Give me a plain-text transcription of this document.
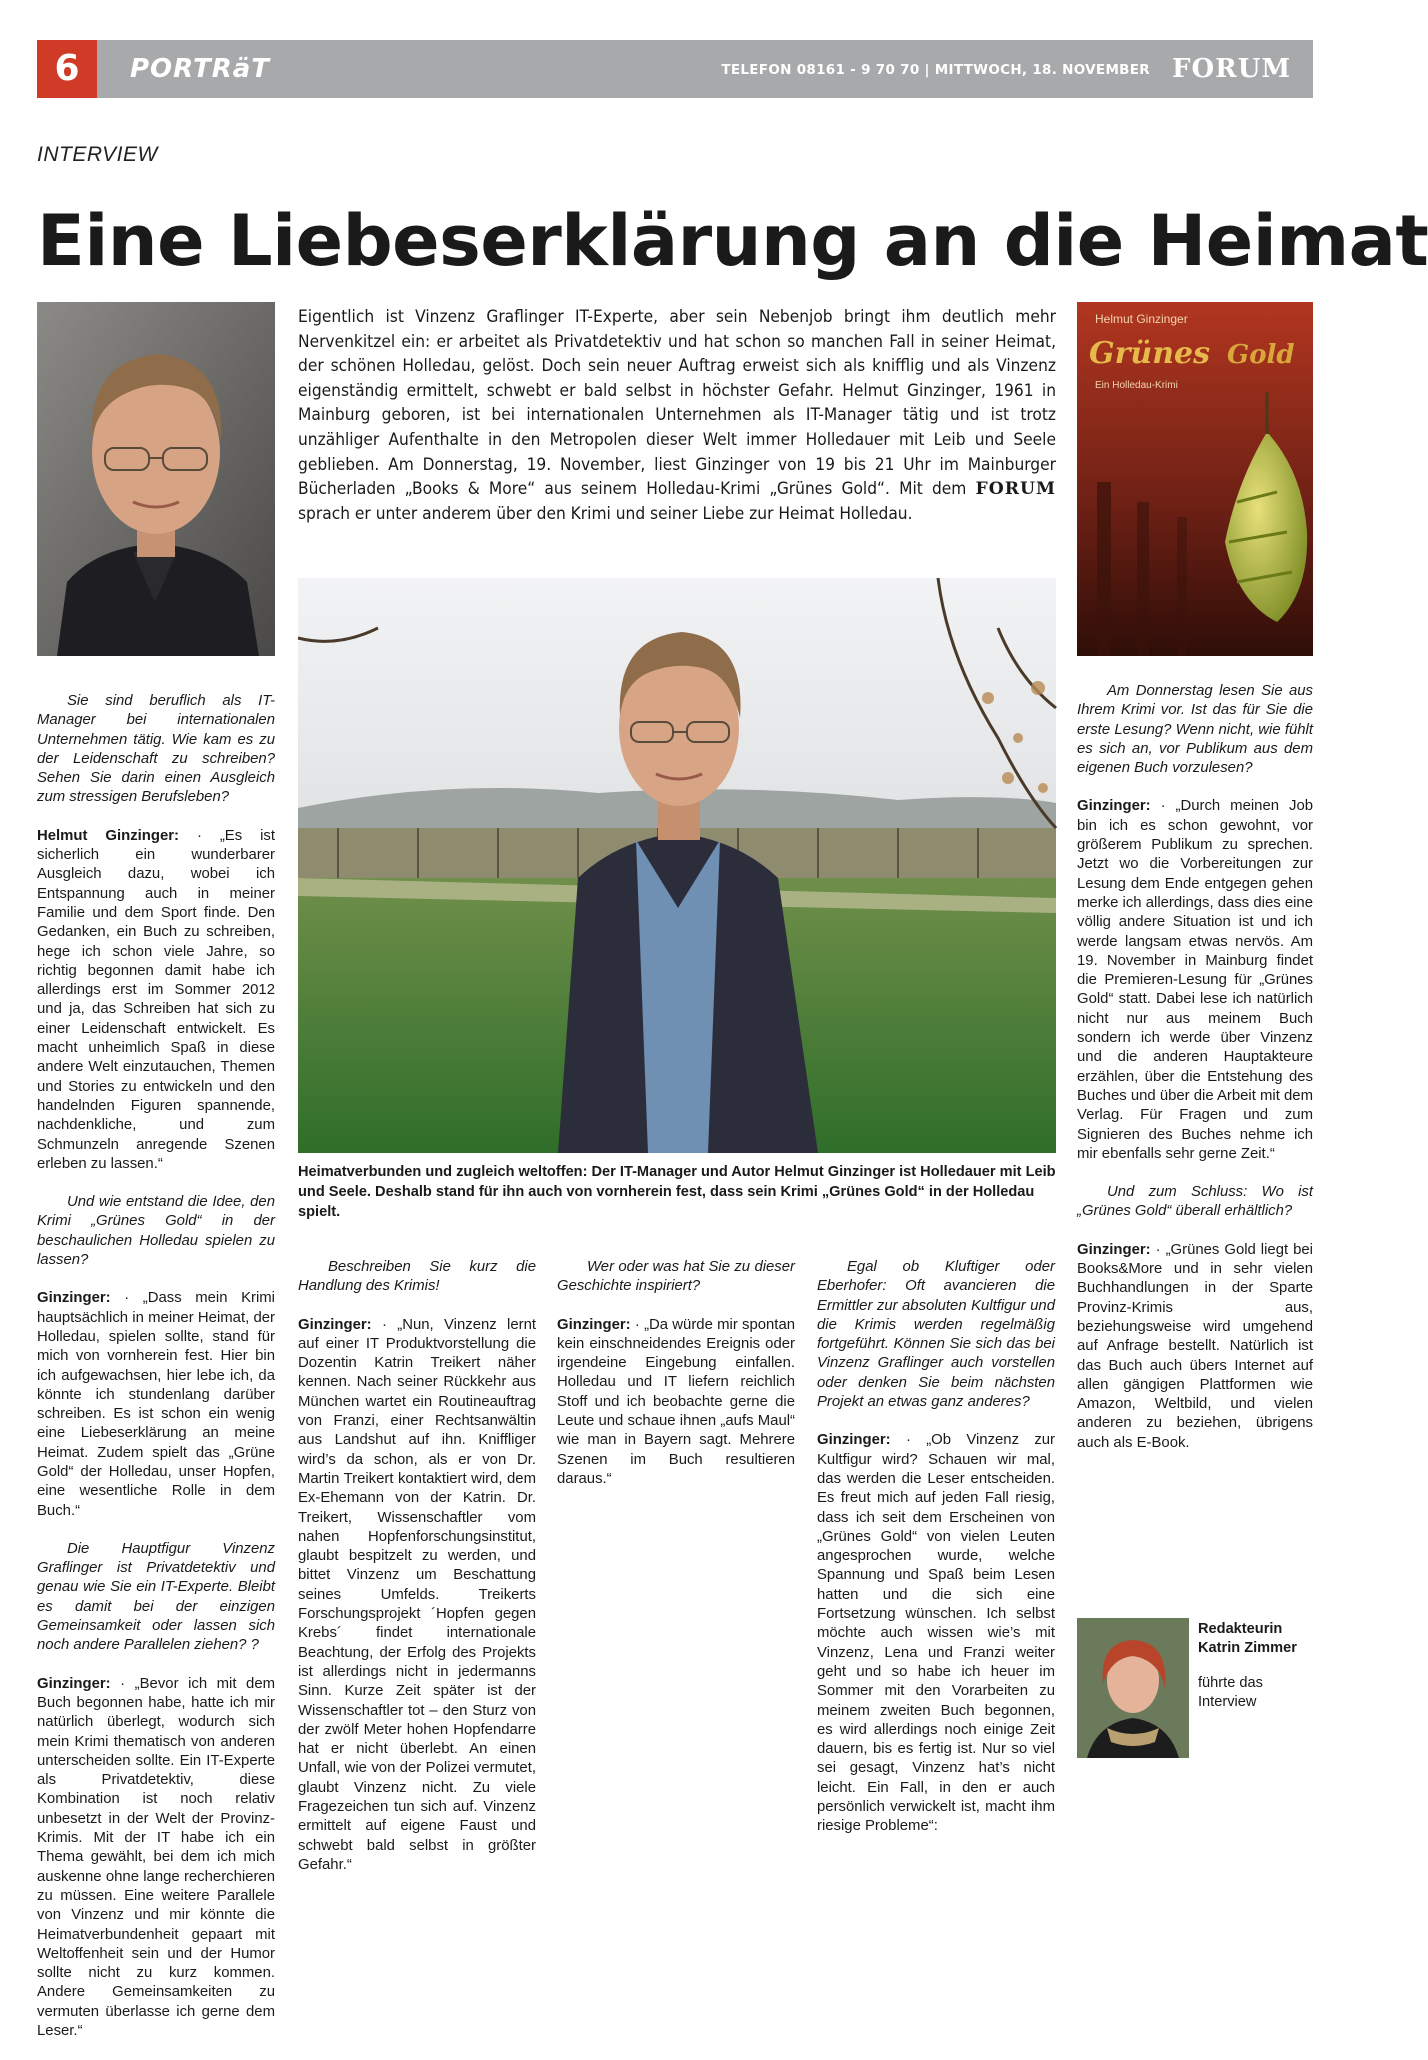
6	PORTRäT	TELEFON 08161 - 9 70 70 | MITTWOCH, 18. NOVEMBER 2015
FORUM
INTERVIEW
Eine Liebeserklärung an die Heimat
Helmut Ginzinger
Grünes Gold
Ein Holledau-Krimi
Eigentlich ist Vinzenz Graflinger IT-Experte, aber sein Nebenjob bringt ihm deutlich mehr Nervenkitzel ein: er arbeitet als Privatdetektiv und hat schon so manchen Fall in seiner Heimat, der schönen Holledau, gelöst. Doch sein neuer Auftrag erweist sich als knifflig und als Vinzenz eigenständig ermittelt, schwebt er bald selbst in höchster Gefahr. Helmut Ginzinger, 1961 in Mainburg geboren, ist bei internationalen Unternehmen als IT-Manager tätig und ist trotz unzähliger Aufenthalte in den Metropolen dieser Welt immer Holledauer mit Leib und Seele geblieben. Am Donnerstag, 19. November, liest Ginzinger von 19 bis 21 Uhr im Mainburger Bücherladen „Books & More“ aus seinem Holledau-Krimi „Grünes Gold“. Mit dem FORUM sprach er unter anderem über den Krimi und seiner Liebe zur Heimat Holledau.
Heimatverbunden und zugleich weltoffen: Der IT-Manager und Autor Helmut Ginzinger ist Holledauer mit Leib und Seele. Deshalb stand für ihn auch von vornherein fest, dass sein Krimi „Grünes Gold“ in der Holledau spielt.

Sie sind beruflich als IT-Manager bei internationalen Unternehmen tätig. Wie kam es zu der Leidenschaft zu schreiben? Sehen Sie darin einen Ausgleich zum stressigen Berufsleben?

Helmut Ginzinger: · „Es ist sicherlich ein wunderbarer Ausgleich dazu, wobei ich Entspannung auch in meiner Familie und dem Sport finde. Den Gedanken, ein Buch zu schreiben, hege ich schon viele Jahre, so richtig begonnen damit habe ich allerdings erst im Sommer 2012 und ja, das Schreiben hat sich zu einer Leidenschaft entwickelt. Es macht unheimlich Spaß in diese andere Welt einzutauchen, Themen und Stories zu entwickeln und den handelnden Figuren spannende, nachdenkliche, und zum Schmunzeln anregende Szenen erleben zu lassen.“

Und wie entstand die Idee, den Krimi „Grünes Gold“ in der beschaulichen Holledau spielen zu lassen?

Ginzinger: · „Dass mein Krimi hauptsächlich in meiner Heimat, der Holledau, spielen sollte, stand für mich von vornherein fest. Hier bin ich aufgewachsen, hier lebe ich, da könnte ich stundenlang darüber schreiben. Es ist schon ein wenig eine Liebeserklärung an meine Heimat. Zudem spielt das „Grüne Gold“ der Holledau, unser Hopfen, eine wesentliche Rolle in dem Buch.“

Die Hauptfigur Vinzenz Graflinger ist Privatdetektiv und genau wie Sie ein IT-Experte. Bleibt es damit bei der einzigen Gemeinsamkeit oder lassen sich noch andere Parallelen ziehen? ?

Ginzinger: · „Bevor ich mit dem Buch begonnen habe, hatte ich mir natürlich überlegt, wodurch sich mein Krimi thematisch von anderen unterscheiden sollte. Ein IT-Experte als Privatdetektiv, diese Kombination ist noch relativ unbesetzt in der Welt der Provinz-Krimis. Mit der IT habe ich ein Thema gewählt, bei dem ich mich auskenne ohne lange recherchieren zu müssen. Eine weitere Parallele von Vinzenz und mir könnte die Heimatverbundenheit gepaart mit Weltoffenheit sein und der Humor sollte nicht zu kurz kommen. Andere Gemeinsamkeiten zu vermuten überlasse ich gerne dem Leser.“

Beschreiben Sie kurz die Handlung des Krimis!

Ginzinger: · „Nun, Vinzenz lernt auf einer IT Produktvorstellung die Dozentin Katrin Treikert näher kennen. Nach seiner Rückkehr aus München wartet ein Routineauftrag von Franzi, einer Rechtsanwältin aus Landshut auf ihn. Kniffliger wird’s da schon, als er von Dr. Martin Treikert kontaktiert wird, dem Ex-Ehemann von der Katrin. Dr. Treikert, Wissenschaftler vom nahen Hopfenforschungsinstitut, glaubt bespitzelt zu werden, und bittet Vinzenz um Beschattung seines Umfelds. Treikerts Forschungsprojekt ´Hopfen gegen Krebs´ findet internationale Beachtung, der Erfolg des Projekts ist allerdings nicht in jedermanns Sinn. Kurze Zeit später ist der Wissenschaftler tot – den Sturz von der zwölf Meter hohen Hopfendarre hat er nicht überlebt. An einen Unfall, wie von der Polizei vermutet, glaubt Vinzenz nicht. Zu viele Fragezeichen tun sich auf. Vinzenz ermittelt auf eigene Faust und schwebt bald selbst in größter Gefahr.“

Wer oder was hat Sie zu dieser Geschichte inspiriert?

Ginzinger: · „Da würde mir spontan kein einschneidendes Ereignis oder irgendeine Eingebung einfallen. Holledau und IT liefern reichlich Stoff und ich beobachte gerne die Leute und schaue ihnen „aufs Maul“ wie man in Bayern sagt. Mehrere Szenen im Buch resultieren daraus.“

Egal ob Kluftiger oder Eberhofer: Oft avancieren die Ermittler zur absoluten Kultfigur und die Krimis werden regelmäßig fortgeführt. Können Sie sich das bei Vinzenz Graflinger auch vorstellen oder denken Sie beim nächsten Projekt an etwas ganz anderes?

Ginzinger: · „Ob Vinzenz zur Kultfigur wird? Schauen wir mal, das werden die Leser entscheiden. Es freut mich auf jeden Fall riesig, dass ich seit dem Erscheinen von „Grünes Gold“ von vielen Leuten angesprochen wurde, welche Spannung und Spaß beim Lesen hatten und die sich eine Fortsetzung wünschen. Ich selbst möchte auch wissen wie’s mit Vinzenz, Lena und Franzi weiter geht und so habe ich heuer im Sommer mit den Vorarbeiten zu meinem zweiten Buch begonnen, es wird allerdings noch einige Zeit dauern, bis es fertig ist. Nur so viel sei gesagt, Vinzenz hat’s nicht leicht. Ein Fall, in den er auch persönlich verwickelt ist, macht ihm riesige Probleme“:

Am Donnerstag lesen Sie aus Ihrem Krimi vor. Ist das für Sie die erste Lesung? Wenn nicht, wie fühlt es sich an, vor Publikum aus dem eigenen Buch vorzulesen?

Ginzinger: · „Durch meinen Job bin ich es schon gewohnt, vor größerem Publikum zu sprechen. Jetzt wo die Vorbereitungen zur Lesung dem Ende entgegen gehen merke ich allerdings, dass dies eine völlig andere Situation ist und ich werde langsam etwas nervös. Am 19. November in Mainburg findet die Premieren-Lesung für „Grünes Gold“ statt. Dabei lese ich natürlich nicht nur aus meinem Buch sondern ich werde über Vinzenz und die anderen Hauptakteure erzählen, über die Entstehung des Buches und über die Arbeit mit dem Verlag. Für Fragen und zum Signieren des Buches nehme ich mir ebenfalls sehr gerne Zeit.“

Und zum Schluss: Wo ist „Grünes Gold“ überall erhältlich?

Ginzinger: · „Grünes Gold liegt bei Books&More und in sehr vielen Buchhandlungen in der Sparte Provinz-Krimis aus, beziehungsweise wird umgehend auf Anfrage bestellt. Natürlich ist das Buch auch übers Internet auf allen gängigen Plattformen wie Amazon, Weltbild, und vielen anderen zu beziehen, übrigens auch als E-Book.

Redakteurin
Katrin Zimmer
führte das Interview
